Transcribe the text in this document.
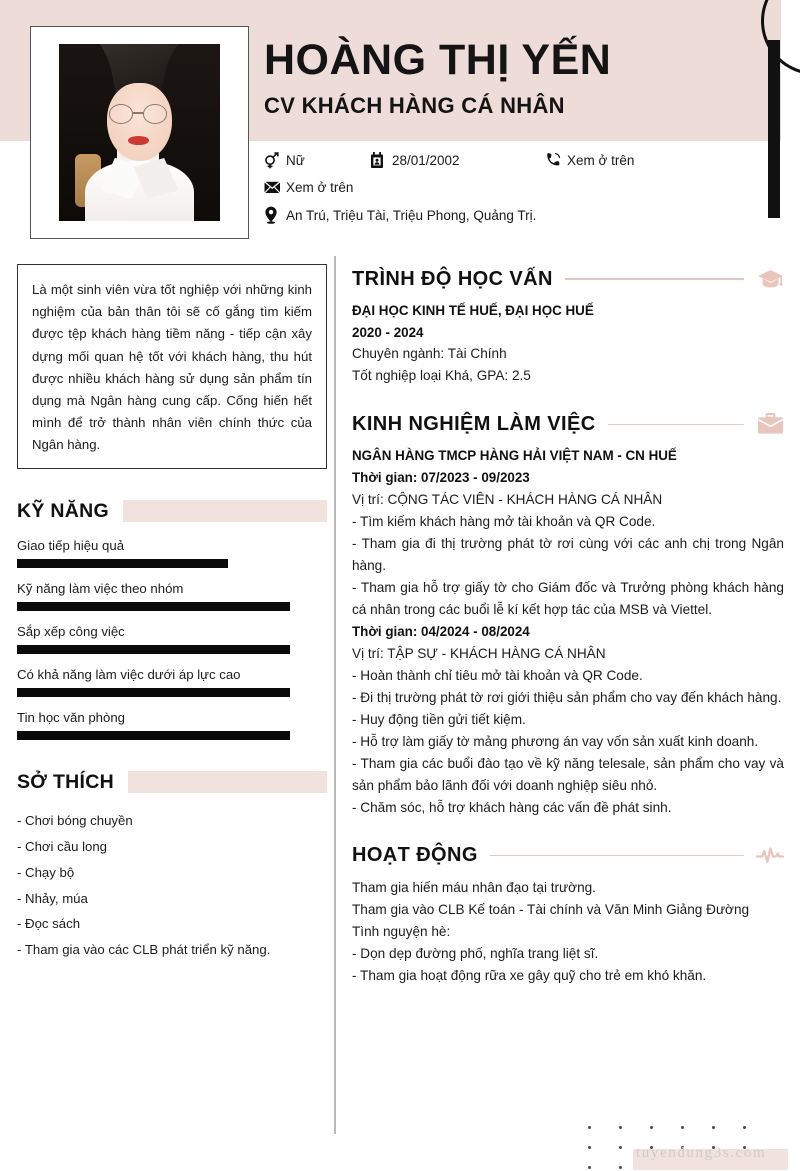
HOÀNG THỊ YẾN
CV KHÁCH HÀNG CÁ NHÂN
Nữ	28/01/2002	Xem ở trên
Xem ở trên
An Trú, Triệu Tài, Triệu Phong, Quảng Trị.

Là một sinh viên vừa tốt nghiệp với những kinh nghiệm của bản thân tôi sẽ cố gắng tìm kiếm được tệp khách hàng tiềm năng - tiếp cận xây dựng mối quan hệ tốt với khách hàng, thu hút được nhiều khách hàng sử dụng sản phẩm tín dụng mà Ngân hàng cung cấp. Cống hiến hết mình để trở thành nhân viên chính thức của Ngân hàng.

KỸ NĂNG
Giao tiếp hiệu quả
Kỹ năng làm việc theo nhóm
Sắp xếp công việc
Có khả năng làm việc dưới áp lực cao
Tin học văn phòng
SỞ THÍCH
- Chơi bóng chuyền
- Chơi cầu long
- Chạy bộ
- Nhảy, múa
- Đọc sách
- Tham gia vào các CLB phát triển kỹ năng.
TRÌNH ĐỘ HỌC VẤN
ĐẠI HỌC KINH TẾ HUẾ, ĐẠI HỌC HUẾ
2020 - 2024
Chuyên ngành: Tài Chính
Tốt nghiệp loại Khá, GPA: 2.5
KINH NGHIỆM LÀM VIỆC
NGÂN HÀNG TMCP HÀNG HẢI VIỆT NAM - CN HUẾ
Thời gian: 07/2023 - 09/2023
Vị trí: CỘNG TÁC VIÊN - KHÁCH HÀNG CÁ NHÂN
- Tìm kiếm khách hàng mở tài khoản và QR Code.
- Tham gia đi thị trường phát tờ rơi cùng với các anh chị trong Ngân hàng.
- Tham gia hỗ trợ giấy tờ cho Giám đốc và Trưởng phòng khách hàng cá nhân trong các buổi lễ kí kết hợp tác của MSB và Viettel.
Thời gian: 04/2024 - 08/2024
Vị trí: TẬP SỰ - KHÁCH HÀNG CÁ NHÂN
- Hoàn thành chỉ tiêu mở tài khoản và QR Code.
- Đi thị trường phát tờ rơi giới thiệu sản phẩm cho vay đến khách hàng.
- Huy động tiền gửi tiết kiệm.
- Hỗ trợ làm giấy tờ mảng phương án vay vốn sản xuất kinh doanh.
- Tham gia các buổi đào tạo về kỹ năng telesale, sản phẩm cho vay và sản phẩm bảo lãnh đối với doanh nghiệp siêu nhỏ.
- Chăm sóc, hỗ trợ khách hàng các vấn đề phát sinh.
HOẠT ĐỘNG
Tham gia hiến máu nhân đạo tại trường.
Tham gia vào CLB Kế toán - Tài chính và Văn Minh Giảng Đường
Tình nguyện hè:
- Dọn dẹp đường phố, nghĩa trang liệt sĩ.
- Tham gia hoạt động rữa xe gây quỹ cho trẻ em khó khăn.
tuyendung3s.com
